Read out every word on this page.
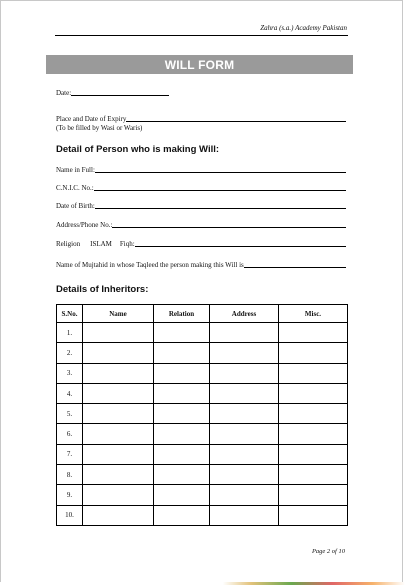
Zahra (s.a.) Academy Pakistan
WILL FORM
Date:
Place and Date of Expiry
(To be filled by Wasi or Waris)
Detail of Person who is making Will:
Name in Full:
C.N.I.C. No.:
Date of Birth:
Address/Phone No.:
Religion ISLAM Fiqh:
Name of Mujtahid in whose Taqleed the person making this Will is
Details of Inheritors:
S.No.	Name	Relation	Address	Misc.
1.				
2.				
3.				
4.				
5.				
6.				
7.				
8.				
9.				
10.				
Page 2 of 10
